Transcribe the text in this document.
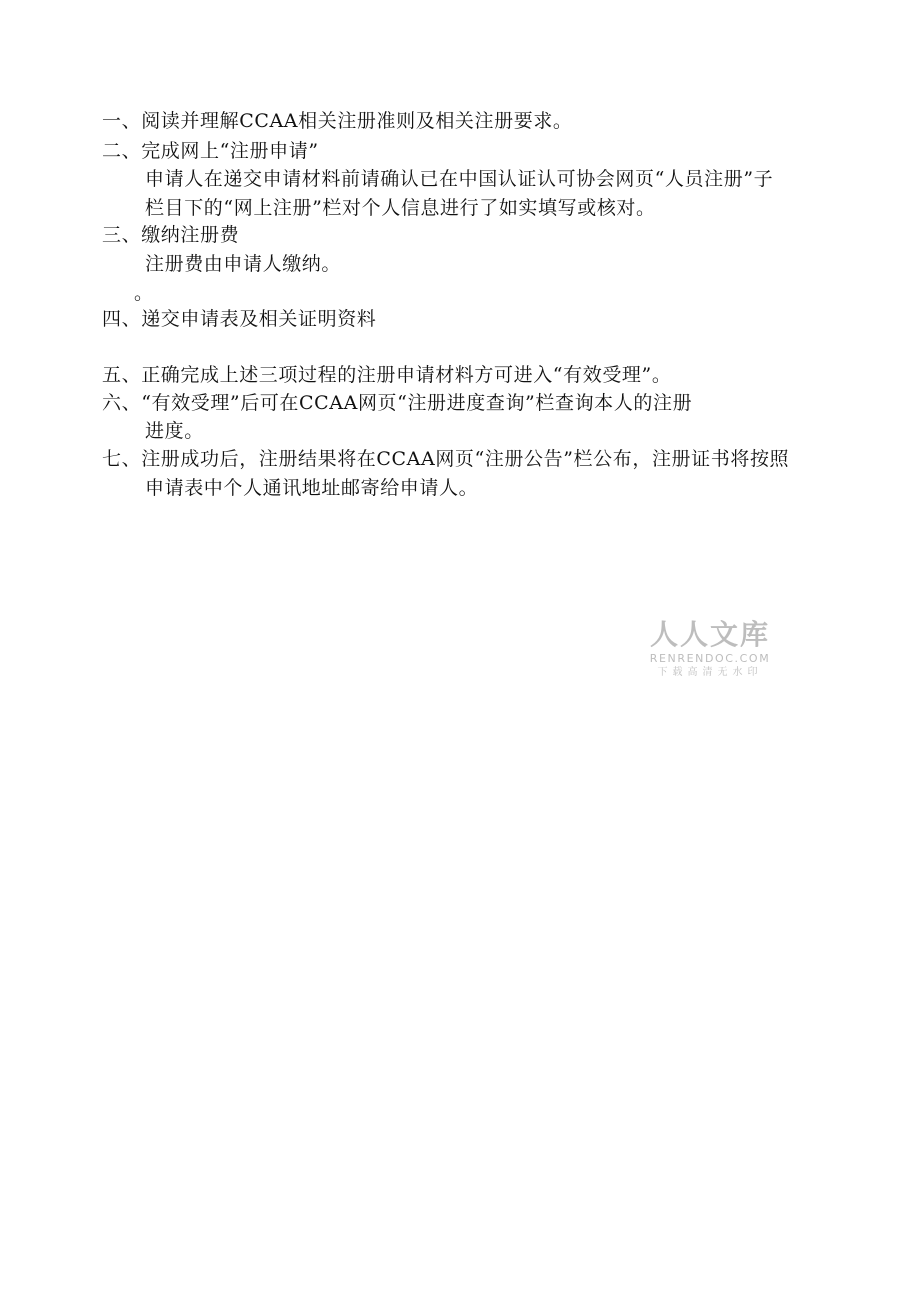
一、阅读并理解CCAA相关注册准则及相关注册要求。
二、完成网上“注册申请”
申请人在递交申请材料前请确认已在中国认证认可协会网页“人员注册”子
栏目下的“网上注册”栏对个人信息进行了如实填写或核对。
三、缴纳注册费
注册费由申请人缴纳。
。
四、递交申请表及相关证明资料
五、正确完成上述三项过程的注册申请材料方可进入“有效受理”。
六、“有效受理”后可在CCAA网页“注册进度查询”栏查询本人的注册
进度。
七、注册成功后，注册结果将在CCAA网页“注册公告”栏公布，注册证书将按照
申请表中个人通讯地址邮寄给申请人。
人人文库
RENRENDOC.COM
下载高清无水印
